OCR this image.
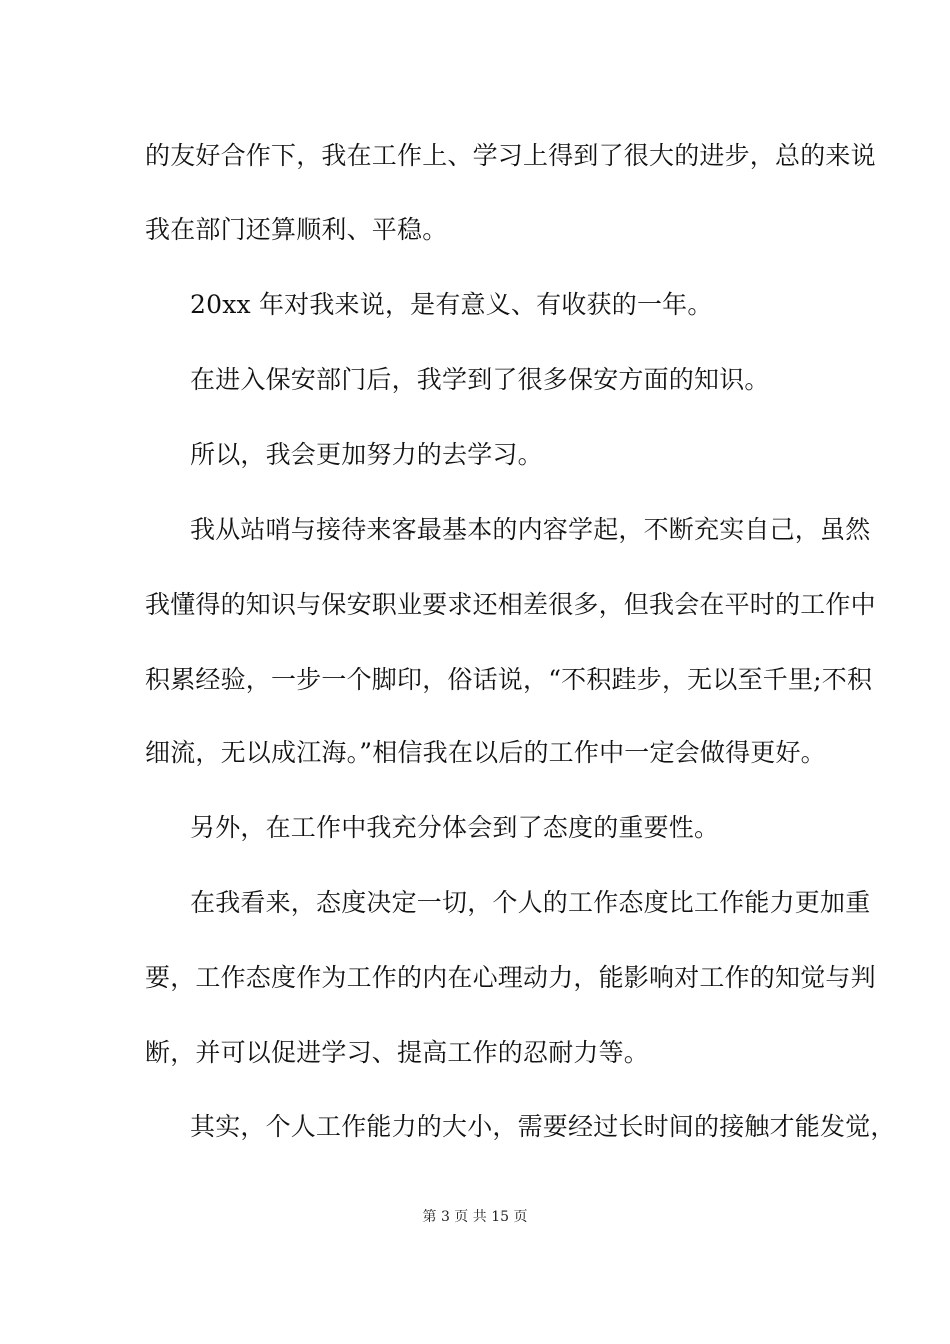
的友好合作下，我在工作上、学习上得到了很大的进步，总的来说
我在部门还算顺利、平稳。
20xx 年对我来说，是有意义、有收获的一年。
在进入保安部门后，我学到了很多保安方面的知识。
所以，我会更加努力的去学习。
我从站哨与接待来客最基本的内容学起，不断充实自己，虽然
我懂得的知识与保安职业要求还相差很多，但我会在平时的工作中
积累经验，一步一个脚印，俗话说，“不积跬步，无以至千里;不积
细流，无以成江海。”相信我在以后的工作中一定会做得更好。
另外，在工作中我充分体会到了态度的重要性。
在我看来，态度决定一切，个人的工作态度比工作能力更加重
要，工作态度作为工作的内在心理动力，能影响对工作的知觉与判
断，并可以促进学习、提高工作的忍耐力等。
其实，个人工作能力的大小，需要经过长时间的接触才能发觉，
第 3 页 共 15 页
